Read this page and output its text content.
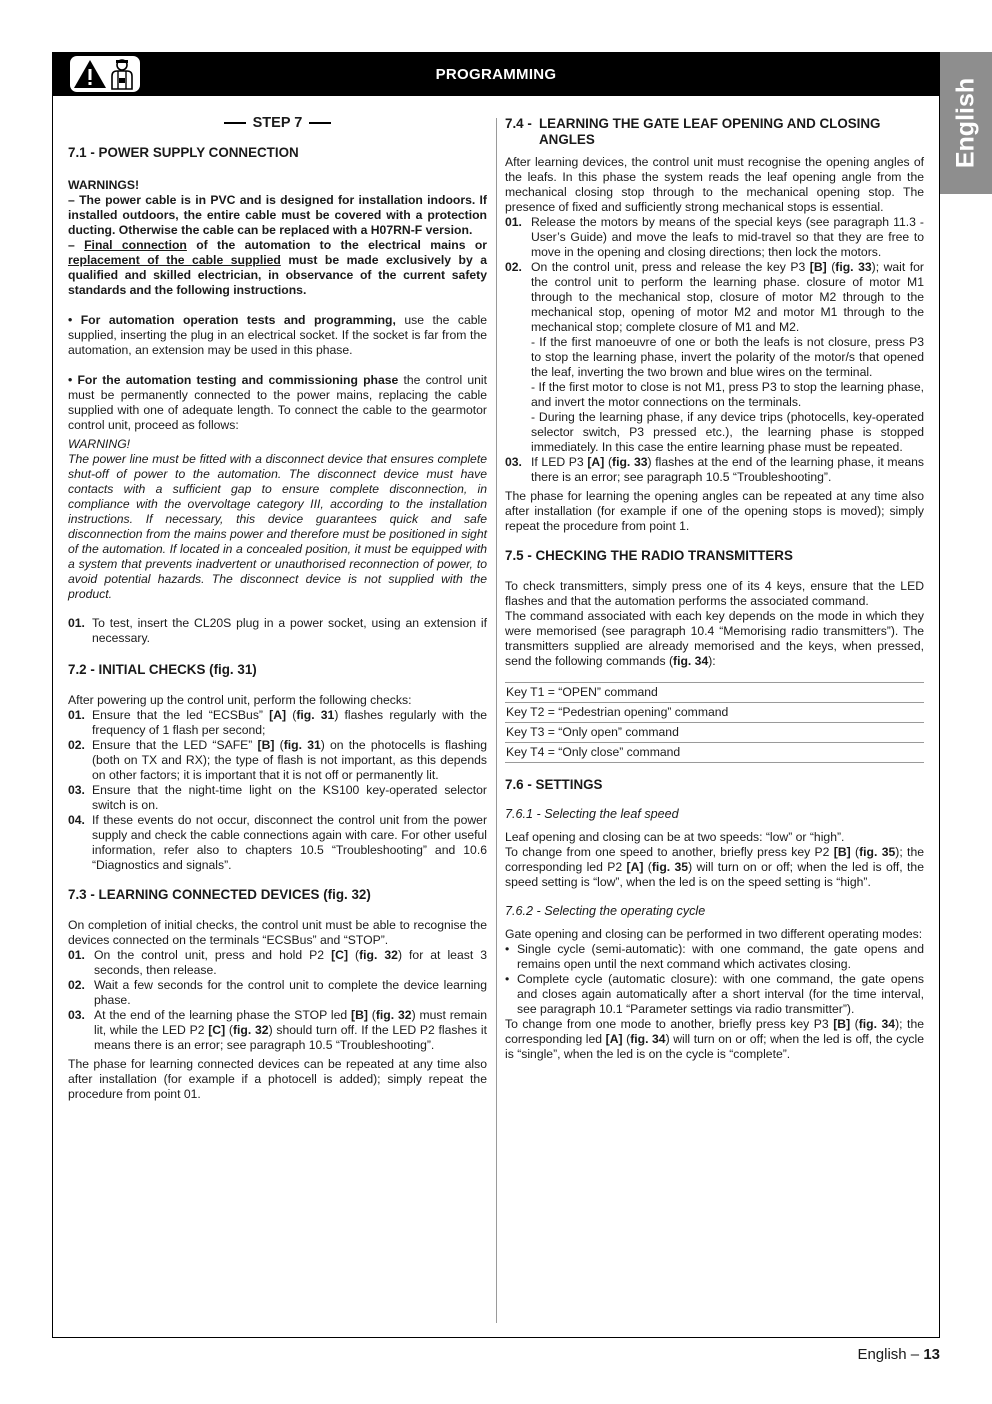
PROGRAMMING
English
STEP 7
7.1 - POWER SUPPLY CONNECTION

WARNINGS!

– The power cable is in PVC and is designed for installation indoors. If installed outdoors, the entire cable must be covered with a protection ducting. Otherwise the cable can be replaced with a H07RN-F version.

– Final connection of the automation to the electrical mains or replacement of the cable supplied must be made exclusively by a qualified and skilled electrician, in observance of the current safety standards and the following instructions.

• For automation operation tests and programming, use the cable supplied, inserting the plug in an electrical socket. If the socket is far from the automation, an extension may be used in this phase.

• For the automation testing and commissioning phase the control unit must be permanently connected to the power mains, replacing the cable supplied with one of adequate length. To connect the cable to the gearmotor control unit, proceed as follows:

WARNING!

The power line must be fitted with a disconnect device that ensures complete shut-off of power to the automation. The disconnect device must have contacts with a sufficient gap to ensure complete disconnection, in compliance with the overvoltage category III, according to the installation instructions. If necessary, this device guarantees quick and safe disconnection from the mains power and therefore must be positioned in sight of the automation. If located in a concealed position, it must be equipped with a system that prevents inadvertent or unauthorised reconnection of power, to avoid potential hazards. The disconnect device is not supplied with the product.

01. To test, insert the CL20S plug in a power socket, using an extension if necessary.
7.2 - INITIAL CHECKS (fig. 31)

After powering up the control unit, perform the following checks:

01. Ensure that the led “ECSBus” [A] (fig. 31) flashes regularly with the frequency of 1 flash per second;
02. Ensure that the LED “SAFE” [B] (fig. 31) on the photocells is flashing (both on TX and RX); the type of flash is not important, as this depends on other factors; it is important that it is not off or permanently lit.
03. Ensure that the night-time light on the KS100 key-operated selector switch is on.
04. If these events do not occur, disconnect the control unit from the power supply and check the cable connections again with care. For other useful information, refer also to chapters 10.5 “Troubleshooting” and 10.6 “Diagnostics and signals”.
7.3 - LEARNING CONNECTED DEVICES (fig. 32)

On completion of initial checks, the control unit must be able to recognise the devices connected on the terminals “ECSBus” and “STOP”.

01. On the control unit, press and hold P2 [C] (fig. 32) for at least 3 seconds, then release.
02. Wait a few seconds for the control unit to complete the device learning phase.
03. At the end of the learning phase the STOP led [B] (fig. 32) must remain lit, while the LED P2 [C] (fig. 32) should turn off. If the LED P2 flashes it means there is an error; see paragraph 10.5 “Troubleshooting”.

The phase for learning connected devices can be repeated at any time also after installation (for example if a photocell is added); simply repeat the procedure from point 01.

7.4 - LEARNING THE GATE LEAF OPENING AND CLOSING ANGLES

After learning devices, the control unit must recognise the opening angles of the leafs. In this phase the system reads the leaf opening angle from the mechanical closing stop through to the mechanical opening stop. The presence of fixed and sufficiently strong mechanical stops is essential.

01. Release the motors by means of the special keys (see paragraph 11.3 - User’s Guide) and move the leafs to mid-travel so that they are free to move in the opening and closing directions; then lock the motors.
02. On the control unit, press and release the key P3 [B] (fig. 33); wait for the control unit to perform the learning phase. closure of motor M1 through to the mechanical stop, closure of motor M2 through to the mechanical stop, opening of motor M2 and motor M1 through to the mechanical stop; complete closure of M1 and M2.
- If the first manoeuvre of one or both the leafs is not closure, press P3 to stop the learning phase, invert the polarity of the motor/s that opened the leaf, inverting the two brown and blue wires on the terminal.
- If the first motor to close is not M1, press P3 to stop the learning phase, and invert the motor connections on the terminals.
- During the learning phase, if any device trips (photocells, key-operated selector switch, P3 pressed etc.), the learning phase is stopped immediately. In this case the entire learning phase must be repeated.
03. If LED P3 [A] (fig. 33) flashes at the end of the learning phase, it means there is an error; see paragraph 10.5 “Troubleshooting”.

The phase for learning the opening angles can be repeated at any time also after installation (for example if one of the opening stops is moved); simply repeat the procedure from point 1.

7.5 - CHECKING THE RADIO TRANSMITTERS

To check transmitters, simply press one of its 4 keys, ensure that the LED flashes and that the automation performs the associated command.

The command associated with each key depends on the mode in which they were memorised (see paragraph 10.4 “Memorising radio transmitters”). The transmitters supplied are already memorised and the keys, when pressed, send the following commands (fig. 34):

Key T1 = “OPEN” command
Key T2 = “Pedestrian opening” command
Key T3 = “Only open” command
Key T4 = “Only close” command
7.6 - SETTINGS

7.6.1 - Selecting the leaf speed

Leaf opening and closing can be at two speeds: “low” or “high”.

To change from one speed to another, briefly press key P2 [B] (fig. 35); the corresponding led P2 [A] (fig. 35) will turn on or off; when the led is off, the speed setting is “low”, when the led is on the speed setting is “high”.

7.6.2 - Selecting the operating cycle

Gate opening and closing can be performed in two different operating modes:

• Single cycle (semi-automatic): with one command, the gate opens and remains open until the next command which activates closing.
• Complete cycle (automatic closure): with one command, the gate opens and closes again automatically after a short interval (for the time interval, see paragraph 10.1 “Parameter settings via radio transmitter”).

To change from one mode to another, briefly press key P3 [B] (fig. 34); the corresponding led [A] (fig. 34) will turn on or off; when the led is off, the cycle is “single”, when the led is on the cycle is “complete”.

English – 13
